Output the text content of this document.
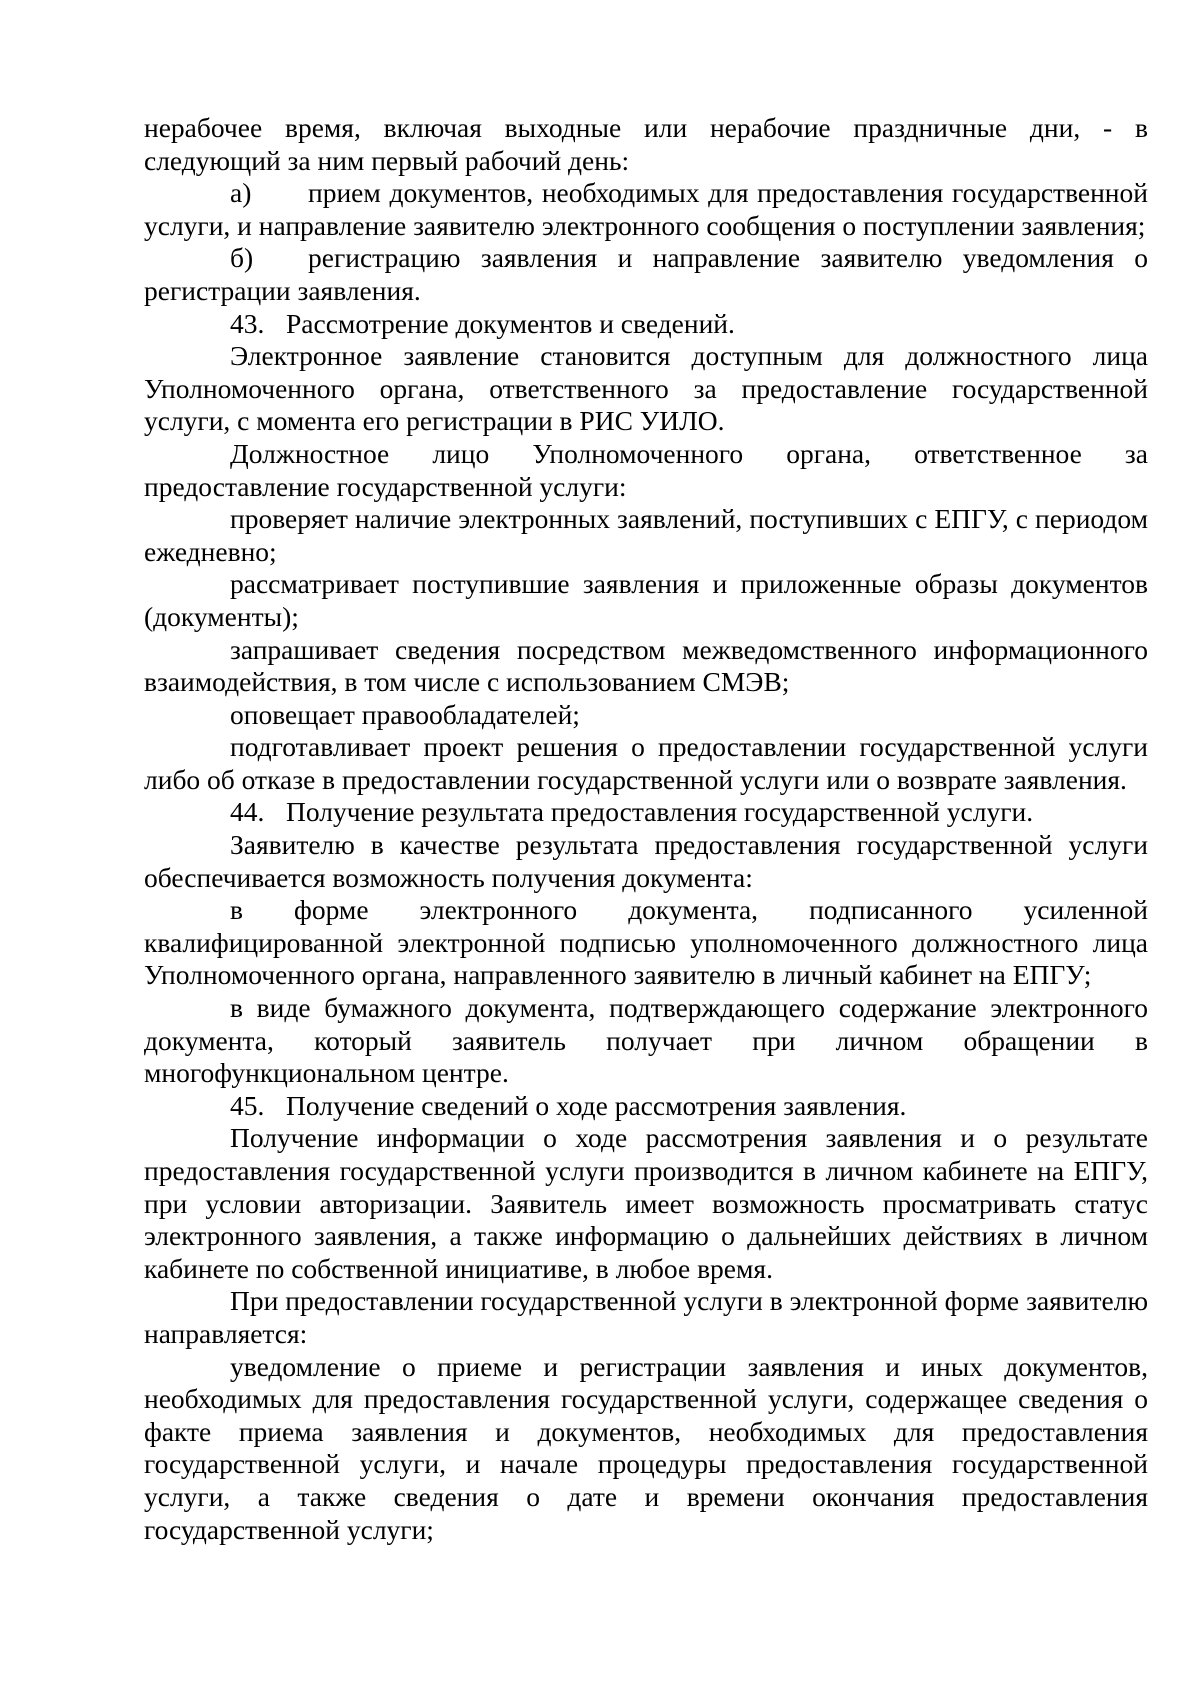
нерабочее время, включая выходные или нерабочие праздничные дни, - в следующий за ним первый рабочий день:

а) прием документов, необходимых для предоставления государственной услуги, и направление заявителю электронного сообщения о поступлении заявления;

б) регистрацию заявления и направление заявителю уведомления о регистрации заявления.

43. Рассмотрение документов и сведений.

Электронное заявление становится доступным для должностного лица Уполномоченного органа, ответственного за предоставление государственной услуги, с момента его регистрации в РИС УИЛО.

Должностное лицо Уполномоченного органа, ответственное за предоставление государственной услуги:

проверяет наличие электронных заявлений, поступивших с ЕПГУ, с периодом ежедневно;

рассматривает поступившие заявления и приложенные образы документов (документы);

запрашивает сведения посредством межведомственного информационного взаимодействия, в том числе с использованием СМЭВ;

оповещает правообладателей;

подготавливает проект решения о предоставлении государственной услуги либо об отказе в предоставлении государственной услуги или о возврате заявления.

44. Получение результата предоставления государственной услуги.

Заявителю в качестве результата предоставления государственной услуги обеспечивается возможность получения документа:

в форме электронного документа, подписанного усиленной квалифицированной электронной подписью уполномоченного должностного лица Уполномоченного органа, направленного заявителю в личный кабинет на ЕПГУ;

в виде бумажного документа, подтверждающего содержание электронного документа, который заявитель получает при личном обращении в многофункциональном центре.

45. Получение сведений о ходе рассмотрения заявления.

Получение информации о ходе рассмотрения заявления и о результате предоставления государственной услуги производится в личном кабинете на ЕПГУ, при условии авторизации. Заявитель имеет возможность просматривать статус электронного заявления, а также информацию о дальнейших действиях в личном кабинете по собственной инициативе, в любое время.

При предоставлении государственной услуги в электронной форме заявителю направляется:

уведомление о приеме и регистрации заявления и иных документов, необходимых для предоставления государственной услуги, содержащее сведения о факте приема заявления и документов, необходимых для предоставления государственной услуги, и начале процедуры предоставления государственной услуги, а также сведения о дате и времени окончания предоставления государственной услуги;
